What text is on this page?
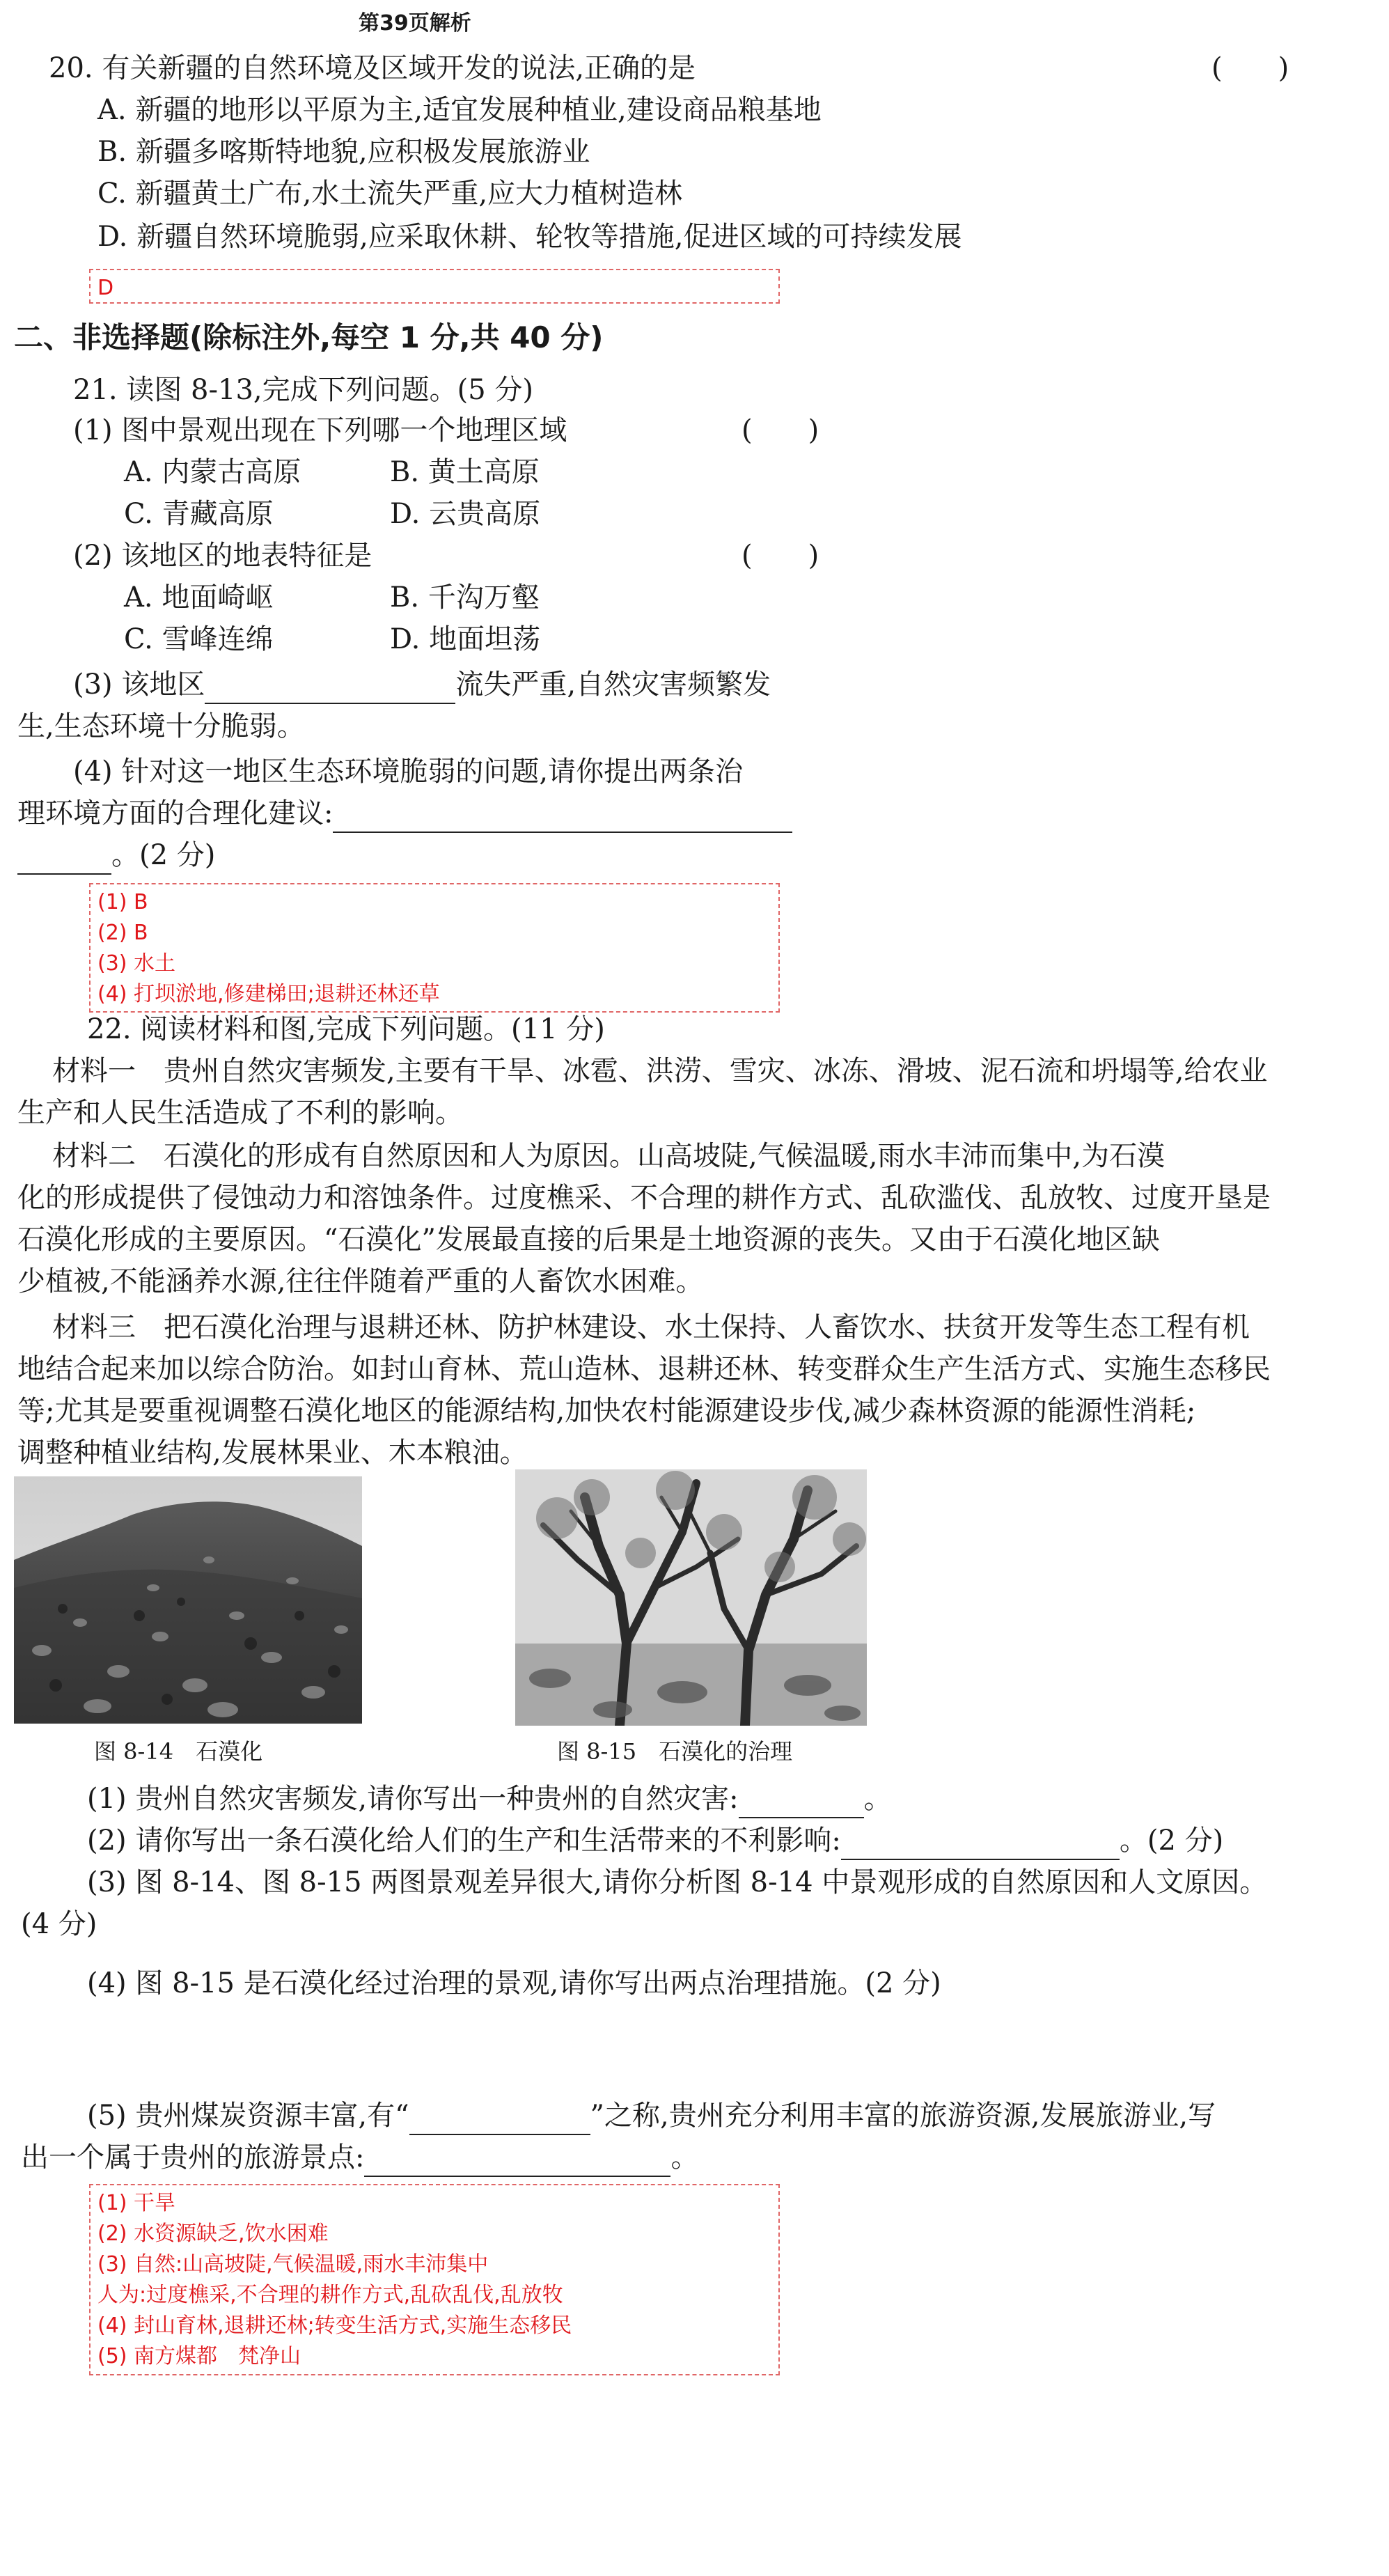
第39页解析
20. 有关新疆的自然环境及区域开发的说法,正确的是	(　　)
A. 新疆的地形以平原为主,适宜发展种植业,建设商品粮基地
B. 新疆多喀斯特地貌,应积极发展旅游业
C. 新疆黄土广布,水土流失严重,应大力植树造林
D. 新疆自然环境脆弱,应采取休耕、轮牧等措施,促进区域的可持续发展
D
二、非选择题(除标注外,每空 1 分,共 40 分)
21. 读图 8-13,完成下列问题。(5 分)
(1) 图中景观出现在下列哪一个地理区域	(　　)
A. 内蒙古高原	B. 黄土高原
C. 青藏高原	D. 云贵高原
(2) 该地区的地表特征是	(　　)
A. 地面崎岖	B. 千沟万壑
C. 雪峰连绵	D. 地面坦荡
(3) 该地区	流失严重,自然灾害频繁发
生,生态环境十分脆弱。
(4) 针对这一地区生态环境脆弱的问题,请你提出两条治
理环境方面的合理化建议:
。(2 分)
(1) B
(2) B
(3) 水土
(4) 打坝淤地,修建梯田;退耕还林还草
22. 阅读材料和图,完成下列问题。(11 分)
材料一　贵州自然灾害频发,主要有干旱、冰雹、洪涝、雪灾、冰冻、滑坡、泥石流和坍塌等,给农业
生产和人民生活造成了不利的影响。
材料二　石漠化的形成有自然原因和人为原因。山高坡陡,气候温暖,雨水丰沛而集中,为石漠
化的形成提供了侵蚀动力和溶蚀条件。过度樵采、不合理的耕作方式、乱砍滥伐、乱放牧、过度开垦是
石漠化形成的主要原因。“石漠化”发展最直接的后果是土地资源的丧失。又由于石漠化地区缺
少植被,不能涵养水源,往往伴随着严重的人畜饮水困难。
材料三　把石漠化治理与退耕还林、防护林建设、水土保持、人畜饮水、扶贫开发等生态工程有机
地结合起来加以综合防治。如封山育林、荒山造林、退耕还林、转变群众生产生活方式、实施生态移民
等;尤其是要重视调整石漠化地区的能源结构,加快农村能源建设步伐,减少森林资源的能源性消耗;
调整种植业结构,发展林果业、木本粮油。
图 8-14　石漠化	图 8-15　石漠化的治理
(1) 贵州自然灾害频发,请你写出一种贵州的自然灾害:	。
(2) 请你写出一条石漠化给人们的生产和生活带来的不利影响:	。(2 分)
(3) 图 8-14、图 8-15 两图景观差异很大,请你分析图 8-14 中景观形成的自然原因和人文原因。
(4 分)
(4) 图 8-15 是石漠化经过治理的景观,请你写出两点治理措施。(2 分)
(5) 贵州煤炭资源丰富,有“	”之称,贵州充分利用丰富的旅游资源,发展旅游业,写
出一个属于贵州的旅游景点:	。
(1) 干旱
(2) 水资源缺乏,饮水困难
(3) 自然:山高坡陡,气候温暖,雨水丰沛集中
人为:过度樵采,不合理的耕作方式,乱砍乱伐,乱放牧
(4) 封山育林,退耕还林;转变生活方式,实施生态移民
(5) 南方煤都　梵净山
